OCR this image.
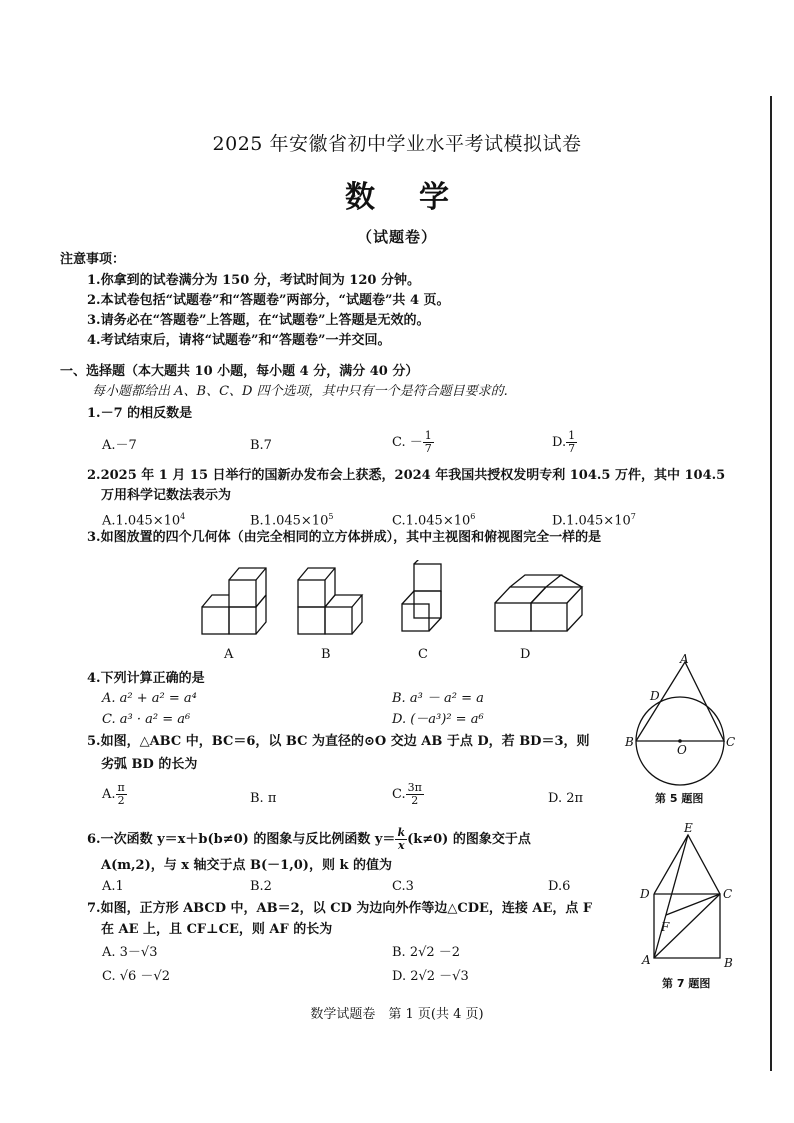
2025 年安徽省初中学业水平考试模拟试卷
数学
（试题卷）
注意事项：
1.你拿到的试卷满分为 150 分，考试时间为 120 分钟。
2.本试卷包括“试题卷”和“答题卷”两部分，“试题卷”共 4 页。
3.请务必在“答题卷”上答题，在“试题卷”上答题是无效的。
4.考试结束后，请将“试题卷”和“答题卷”一并交回。
一、选择题（本大题共 10 小题，每小题 4 分，满分 40 分）
每小题都给出 A、B、C、D 四个选项，其中只有一个是符合题目要求的.
1.－7 的相反数是
A.－7	B.7	C. － $\frac{1}{7}$	D. $\frac{1}{7}$
2.2025 年 1 月 15 日举行的国新办发布会上获悉，2024 年我国共授权发明专利 104.5 万件，其中 104.5
万用科学记数法表示为
$A.1.045\times 10^4$	$B.1.045\times 10^5$	$C.1.045\times 10^6$	$D.1.045\times 10^7$
3.如图放置的四个几何体（由完全相同的立方体拼成），其中主视图和俯视图完全一样的是
A	B	C	D
4.下列计算正确的是
A. a² + a² = a⁴	B. a³ － a² = a
C. a³ · a² = a⁶	D. (－a³)² = a⁶
5.如图，△ABC 中，BC＝6，以 BC 为直径的⊙O 交边 AB 于点 D，若 BD＝3，则
劣弧 BD 的长为
A. $\frac{\pi}{2}$	B. π	C. $\frac{3\pi}{2}$	D. 2π
A
D
B
O
C
第 5 题图
6.一次函数 y＝x＋b(b≠0) 的图象与反比例函数 $y= \frac{k}{x} (k\ne 0)$ 的图象交于点
A(m,2)，与 x 轴交于点 B(－1,0)，则 k 的值为
A.1	B.2	C.3	D.6
7.如图，正方形 ABCD 中，AB＝2，以 CD 为边向外作等边△CDE，连接 AE，点 F
在 AE 上，且 CF⊥CE，则 AF 的长为
A. 3－√3	B. 2√2 －2
C. √6 －√2	D. 2√2 －√3
E
D	C
F
A	B
第 7 题图
数学试题卷　第 1 页(共 4 页)
